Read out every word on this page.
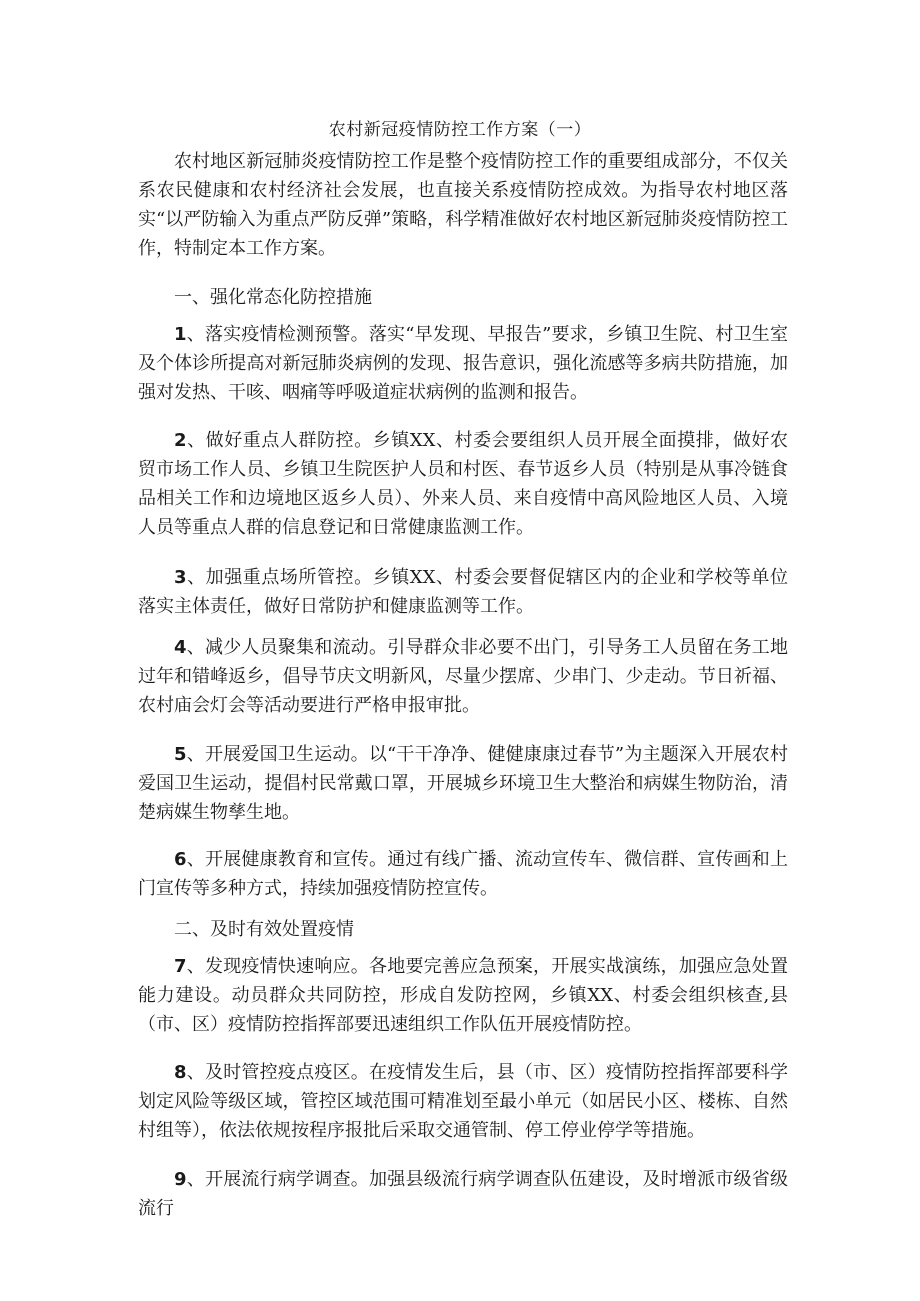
农村新冠疫情防控工作方案（一）

农村地区新冠肺炎疫情防控工作是整个疫情防控工作的重要组成部分，不仅关系农民健康和农村经济社会发展，也直接关系疫情防控成效。为指导农村地区落实“以严防输入为重点严防反弹”策略，科学精准做好农村地区新冠肺炎疫情防控工作，特制定本工作方案。

一、强化常态化防控措施

1、落实疫情检测预警。落实“早发现、早报告”要求，乡镇卫生院、村卫生室及个体诊所提高对新冠肺炎病例的发现、报告意识，强化流感等多病共防措施，加强对发热、干咳、咽痛等呼吸道症状病例的监测和报告。

2、做好重点人群防控。乡镇XX、村委会要组织人员开展全面摸排，做好农贸市场工作人员、乡镇卫生院医护人员和村医、春节返乡人员（特别是从事冷链食品相关工作和边境地区返乡人员）、外来人员、来自疫情中高风险地区人员、入境人员等重点人群的信息登记和日常健康监测工作。

3、加强重点场所管控。乡镇XX、村委会要督促辖区内的企业和学校等单位落实主体责任，做好日常防护和健康监测等工作。

4、减少人员聚集和流动。引导群众非必要不出门，引导务工人员留在务工地过年和错峰返乡，倡导节庆文明新风，尽量少摆席、少串门、少走动。节日祈福、农村庙会灯会等活动要进行严格申报审批。

5、开展爱国卫生运动。以“干干净净、健健康康过春节”为主题深入开展农村爱国卫生运动，提倡村民常戴口罩，开展城乡环境卫生大整治和病媒生物防治，清楚病媒生物孳生地。

6、开展健康教育和宣传。通过有线广播、流动宣传车、微信群、宣传画和上门宣传等多种方式，持续加强疫情防控宣传。

二、及时有效处置疫情

7、发现疫情快速响应。各地要完善应急预案，开展实战演练，加强应急处置能力建设。动员群众共同防控，形成自发防控网，乡镇XX、村委会组织核查,县（市、区）疫情防控指挥部要迅速组织工作队伍开展疫情防控。

8、及时管控疫点疫区。在疫情发生后，县（市、区）疫情防控指挥部要科学划定风险等级区域，管控区域范围可精准划至最小单元（如居民小区、楼栋、自然村组等），依法依规按程序报批后采取交通管制、停工停业停学等措施。

9、开展流行病学调查。加强县级流行病学调查队伍建设，及时增派市级省级流行
